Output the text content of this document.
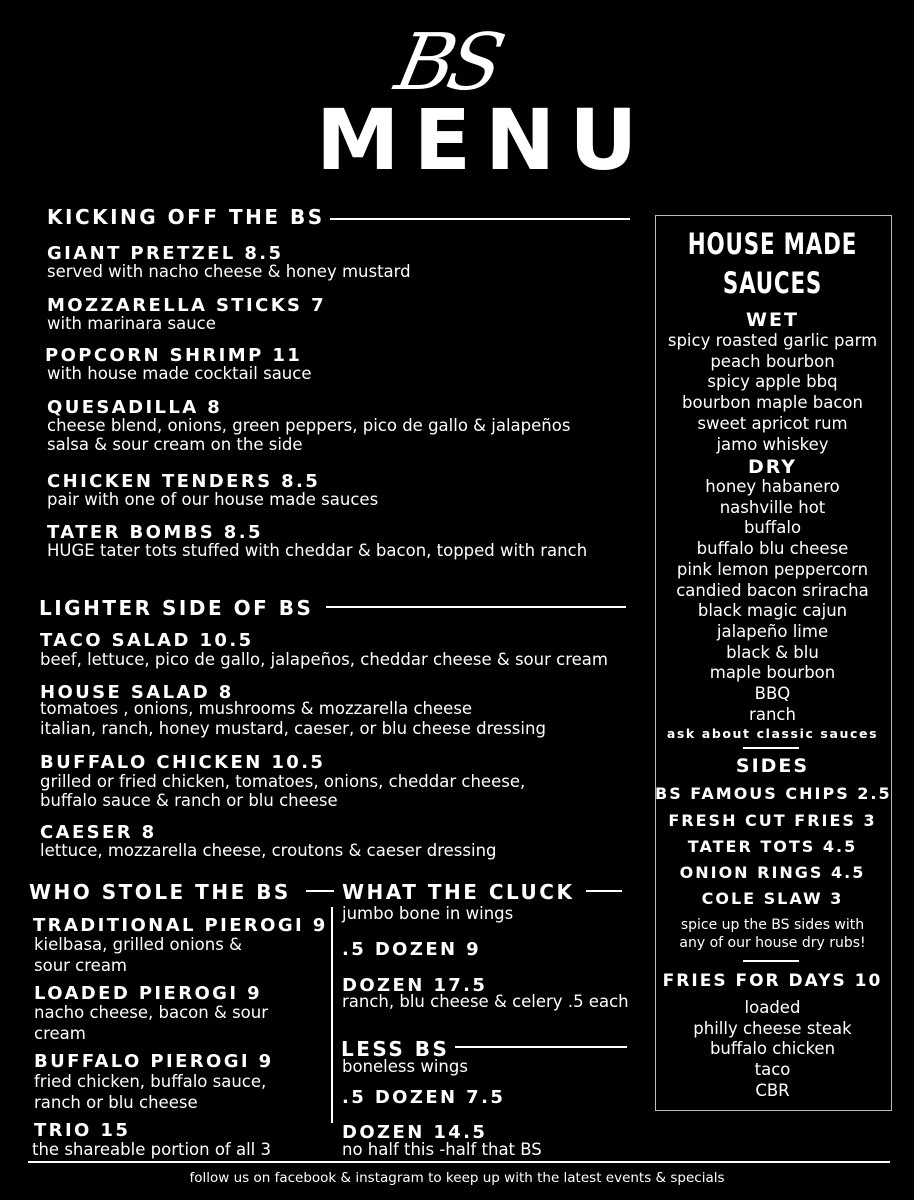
BS
MENU
KICKING OFF THE BS
GIANT PRETZEL 8.5
served with nacho cheese & honey mustard
MOZZARELLA STICKS 7
with marinara sauce
POPCORN SHRIMP 11
with house made cocktail sauce
QUESADILLA 8
cheese blend, onions, green peppers, pico de gallo & jalapeños
salsa & sour cream on the side
CHICKEN TENDERS 8.5
pair with one of our house made sauces
TATER BOMBS 8.5
HUGE tater tots stuffed with cheddar & bacon, topped with ranch
LIGHTER SIDE OF BS
TACO SALAD 10.5
beef, lettuce, pico de gallo, jalapeños, cheddar cheese & sour cream
HOUSE SALAD 8
tomatoes , onions, mushrooms & mozzarella cheese
italian, ranch, honey mustard, caeser, or blu cheese dressing
BUFFALO CHICKEN 10.5
grilled or fried chicken, tomatoes, onions, cheddar cheese,
buffalo sauce & ranch or blu cheese
CAESER 8
lettuce, mozzarella cheese, croutons & caeser dressing
WHO STOLE THE BS
TRADITIONAL PIEROGI 9
kielbasa, grilled onions &
sour cream
LOADED PIEROGI 9
nacho cheese, bacon & sour
cream
BUFFALO PIEROGI 9
fried chicken, buffalo sauce,
ranch or blu cheese
TRIO 15
the shareable portion of all 3
WHAT THE CLUCK
jumbo bone in wings
.5 DOZEN 9
DOZEN 17.5
ranch, blu cheese & celery .5 each
LESS BS
boneless wings
.5 DOZEN 7.5
DOZEN 14.5
no half this -half that BS
HOUSE MADE
SAUCES
WET
spicy roasted garlic parm
peach bourbon
spicy apple bbq
bourbon maple bacon
sweet apricot rum
jamo whiskey
DRY
honey habanero
nashville hot
buffalo
buffalo blu cheese
pink lemon peppercorn
candied bacon sriracha
black magic cajun
jalapeño lime
black & blu
maple bourbon
BBQ
ranch
ask about classic sauces
SIDES
BS FAMOUS CHIPS 2.5
FRESH CUT FRIES 3
TATER TOTS 4.5
ONION RINGS 4.5
COLE SLAW 3
spice up the BS sides with
any of our house dry rubs!
FRIES FOR DAYS 10
loaded
philly cheese steak
buffalo chicken
taco
CBR
follow us on facebook & instagram to keep up with the latest events & specials
